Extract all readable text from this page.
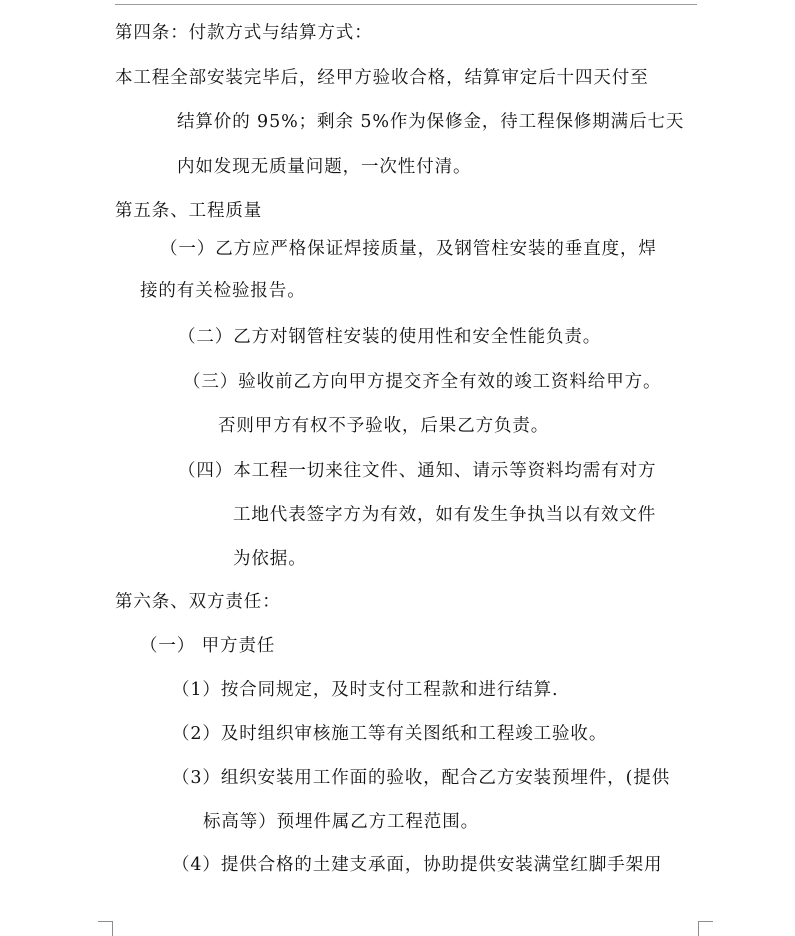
第四条：付款方式与结算方式：

本工程全部安装完毕后，经甲方验收合格，结算审定后十四天付至

结算价的 95%；剩余 5%作为保修金，待工程保修期满后七天

内如发现无质量问题，一次性付清。

第五条、工程质量

（一）乙方应严格保证焊接质量，及钢管柱安装的垂直度，焊

接的有关检验报告。

（二）乙方对钢管柱安装的使用性和安全性能负责。

（三）验收前乙方向甲方提交齐全有效的竣工资料给甲方。

否则甲方有权不予验收，后果乙方负责。

（四）本工程一切来往文件、通知、请示等资料均需有对方

工地代表签字方为有效，如有发生争执当以有效文件

为依据。

第六条、双方责任：

（一） 甲方责任

（1）按合同规定，及时支付工程款和进行结算.

（2）及时组织审核施工等有关图纸和工程竣工验收。

（3）组织安装用工作面的验收，配合乙方安装预埋件，(提供

标高等）预埋件属乙方工程范围。

（4）提供合格的土建支承面，协助提供安装满堂红脚手架用
